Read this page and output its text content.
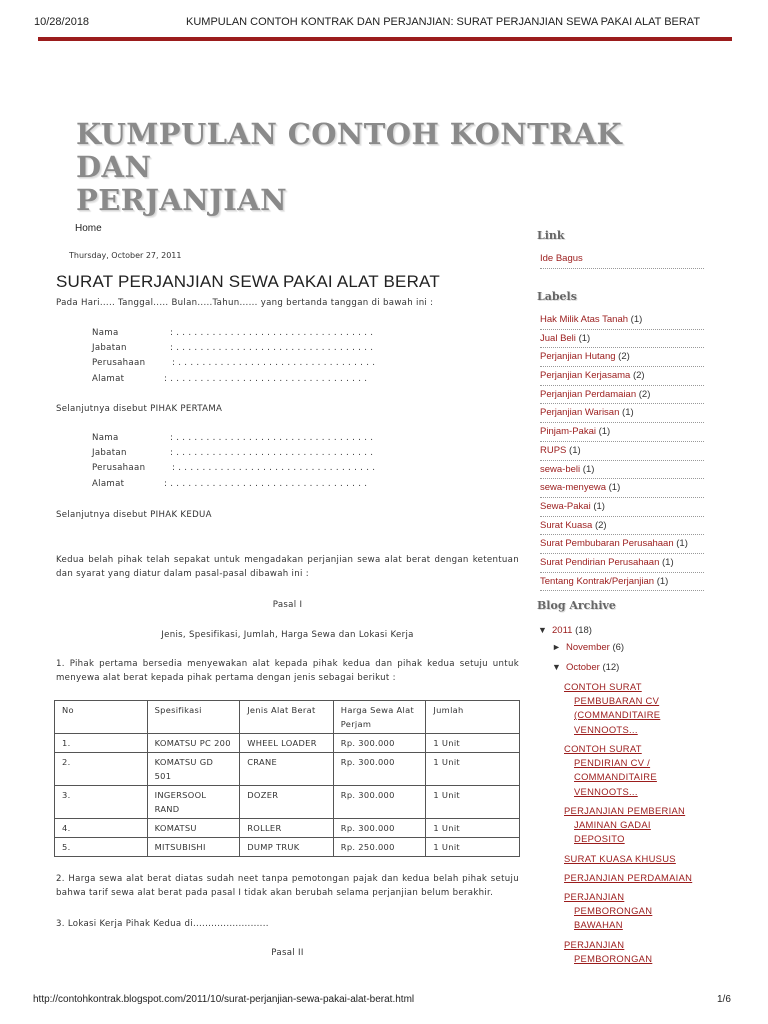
10/28/2018	KUMPULAN CONTOH KONTRAK DAN PERJANJIAN: SURAT PERJANJIAN SEWA PAKAI ALAT BERAT
KUMPULAN CONTOH KONTRAK DAN
PERJANJIAN
Home
Thursday, October 27, 2011
SURAT PERJANJIAN SEWA PAKAI ALAT BERAT
Pada Hari..... Tanggal..... Bulan.....Tahun...... yang bertanda tanggan di bawah ini :
Nama	: . . . . . . . . . . . . . . . . . . . . . . . . . . . . . . . . .
Jabatan	: . . . . . . . . . . . . . . . . . . . . . . . . . . . . . . . . .
Perusahaan	: . . . . . . . . . . . . . . . . . . . . . . . . . . . . . . . . .
Alamat	: . . . . . . . . . . . . . . . . . . . . . . . . . . . . . . . . .
Selanjutnya disebut PIHAK PERTAMA
Nama	: . . . . . . . . . . . . . . . . . . . . . . . . . . . . . . . . .
Jabatan	: . . . . . . . . . . . . . . . . . . . . . . . . . . . . . . . . .
Perusahaan	: . . . . . . . . . . . . . . . . . . . . . . . . . . . . . . . . .
Alamat	: . . . . . . . . . . . . . . . . . . . . . . . . . . . . . . . . .
Selanjutnya disebut PIHAK KEDUA
Kedua belah pihak telah sepakat untuk mengadakan perjanjian sewa alat berat dengan ketentuan dan syarat yang diatur dalam pasal-pasal dibawah ini :
Pasal I
Jenis, Spesifikasi, Jumlah, Harga Sewa dan Lokasi Kerja
1. Pihak pertama bersedia menyewakan alat kepada pihak kedua dan pihak kedua setuju untuk menyewa alat berat kepada pihak pertama dengan jenis sebagai berikut :
No	Spesifikasi	Jenis Alat Berat	Harga Sewa Alat Perjam	Jumlah
1.	KOMATSU PC 200	WHEEL LOADER	Rp. 300.000	1 Unit
2.	KOMATSU GD 501	CRANE	Rp. 300.000	1 Unit
3.	INGERSOOL RAND	DOZER	Rp. 300.000	1 Unit
4.	KOMATSU	ROLLER	Rp. 300.000	1 Unit
5.	MITSUBISHI	DUMP TRUK	Rp. 250.000	1 Unit
2. Harga sewa alat berat diatas sudah neet tanpa pemotongan pajak dan kedua belah pihak setuju bahwa tarif sewa alat berat pada pasal I tidak akan berubah selama perjanjian belum berakhir.
3. Lokasi Kerja Pihak Kedua di.........................
Pasal II
Link
Ide Bagus
Labels
Hak Milik Atas Tanah (1)
Jual Beli (1)
Perjanjian Hutang (2)
Perjanjian Kerjasama (2)
Perjanjian Perdamaian (2)
Perjanjian Warisan (1)
Pinjam-Pakai (1)
RUPS (1)
sewa-beli (1)
sewa-menyewa (1)
Sewa-Pakai (1)
Surat Kuasa (2)
Surat Pembubaran Perusahaan (1)
Surat Pendirian Perusahaan (1)
Tentang Kontrak/Perjanjian (1)
Blog Archive
▼ 2011 (18)
► November (6)
▼ October (12)
CONTOH SURAT
PEMBUBARAN CV
(COMMANDITAIRE
VENNOOTS...
CONTOH SURAT
PENDIRIAN CV /
COMMANDITAIRE
VENNOOTS...
PERJANJIAN PEMBERIAN
JAMINAN GADAI
DEPOSITO
SURAT KUASA KHUSUS
PERJANJIAN PERDAMAIAN
PERJANJIAN
PEMBORONGAN
BAWAHAN
PERJANJIAN
PEMBORONGAN
http://contohkontrak.blogspot.com/2011/10/surat-perjanjian-sewa-pakai-alat-berat.html	1/6
